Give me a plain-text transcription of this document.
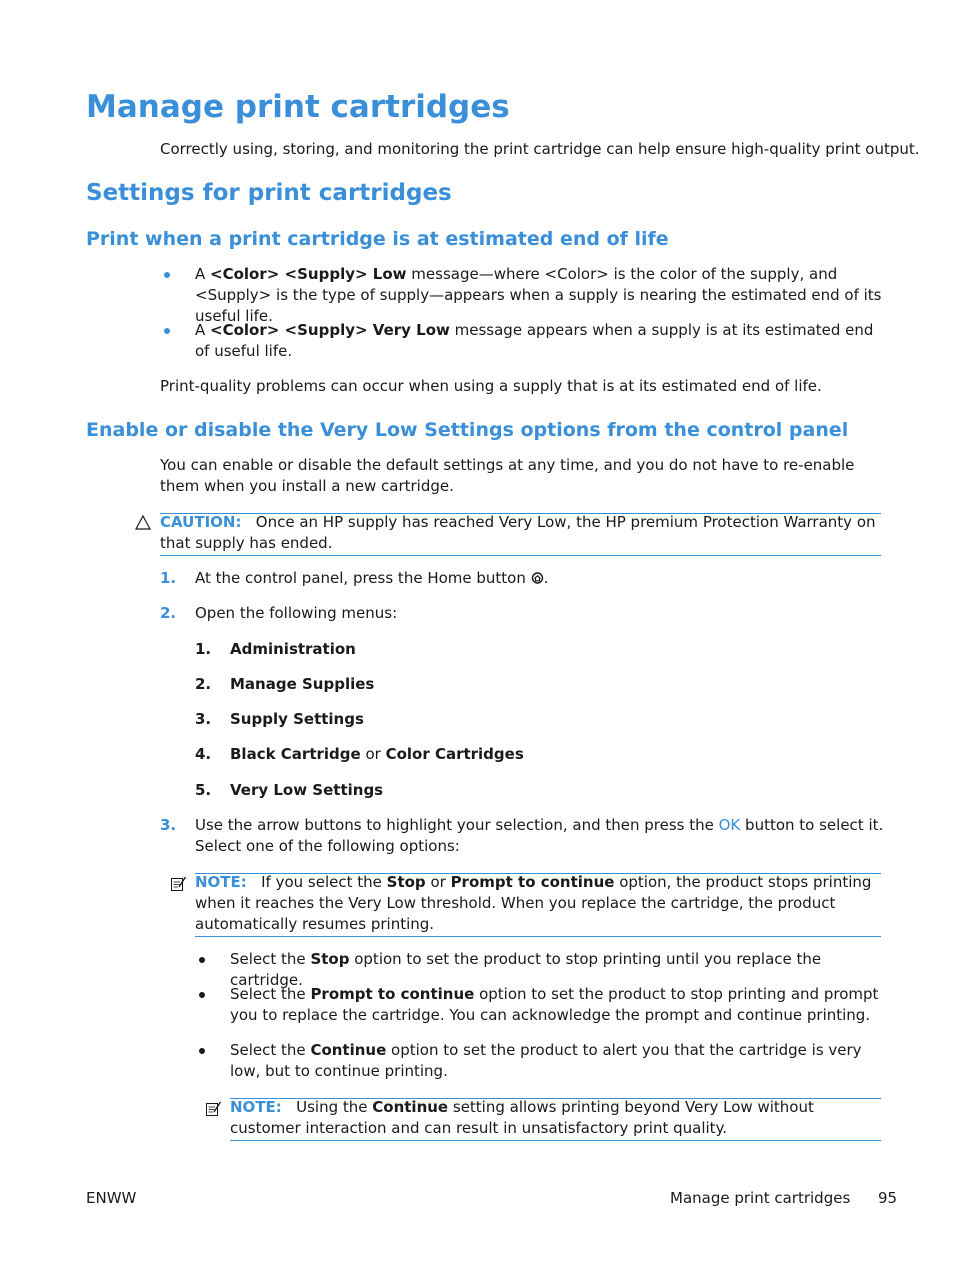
Manage print cartridges

Correctly using, storing, and monitoring the print cartridge can help ensure high-quality print output.

Settings for print cartridges
Print when a print cartridge is at estimated end of life

A <Color> <Supply> Low message—where <Color> is the color of the supply, and <Supply> is the type of supply—appears when a supply is nearing the estimated end of its useful life.

A <Color> <Supply> Very Low message appears when a supply is at its estimated end of useful life.

Print-quality problems can occur when using a supply that is at its estimated end of life.

Enable or disable the Very Low Settings options from the control panel

You can enable or disable the default settings at any time, and you do not have to re-enable them when you install a new cartridge.

CAUTION: Once an HP supply has reached Very Low, the HP premium Protection Warranty on that supply has ended.

1. At the control panel, press the Home button .

2. Open the following menus:

1. Administration
2. Manage Supplies
3. Supply Settings
4. Black Cartridge or Color Cartridges
5. Very Low Settings
3. Use the arrow buttons to highlight your selection, and then press the OK button to select it. Select one of the following options:

NOTE: If you select the Stop or Prompt to continue option, the product stops printing when it reaches the Very Low threshold. When you replace the cartridge, the product automatically resumes printing.

Select the Stop option to set the product to stop printing until you replace the cartridge.

Select the Prompt to continue option to set the product to stop printing and prompt you to replace the cartridge. You can acknowledge the prompt and continue printing.

Select the Continue option to set the product to alert you that the cartridge is very low, but to continue printing.

NOTE: Using the Continue setting allows printing beyond Very Low without customer interaction and can result in unsatisfactory print quality.

ENWW	Manage print cartridges 95
